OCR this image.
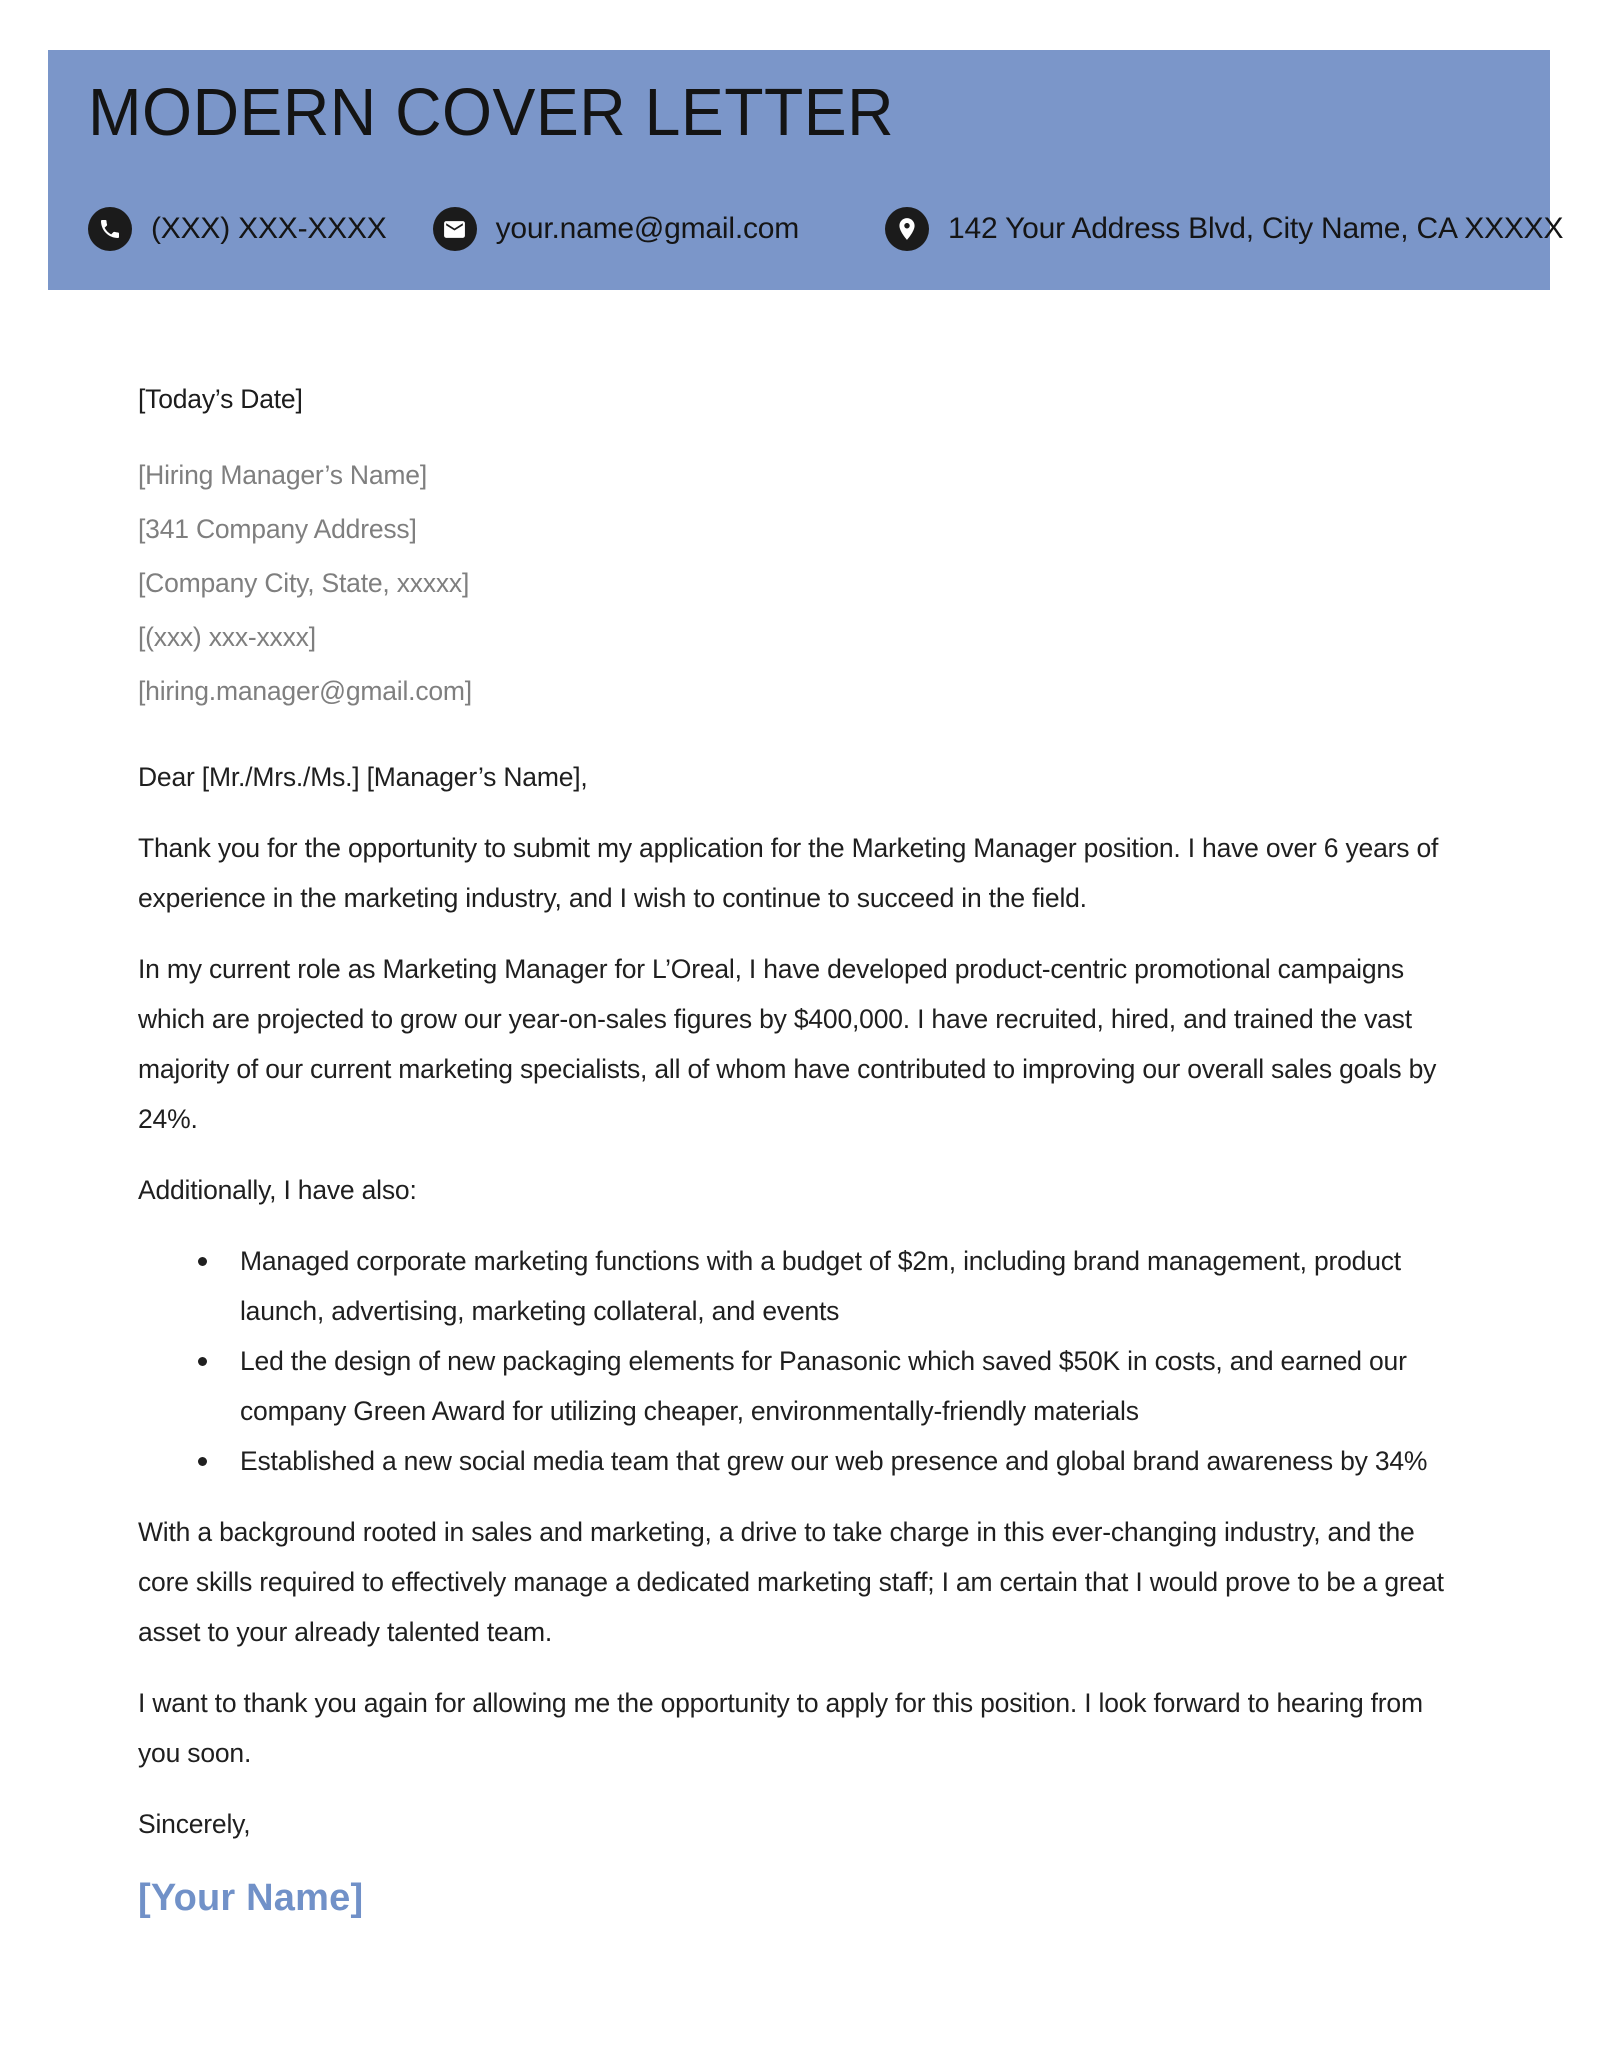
MODERN COVER LETTER
(XXX) XXX-XXXX	your.name@gmail.com	142 Your Address Blvd, City Name, CA XXXXX

[Today’s Date]

[Hiring Manager’s Name]

[341 Company Address]

[Company City, State, xxxxx]

[(xxx) xxx-xxxx]

[hiring.manager@gmail.com]

Dear [Mr./Mrs./Ms.] [Manager’s Name],

Thank you for the opportunity to submit my application for the Marketing Manager position. I have over 6 years of experience in the marketing industry, and I wish to continue to succeed in the field.

In my current role as Marketing Manager for L’Oreal, I have developed product-centric promotional campaigns which are projected to grow our year-on-sales figures by $400,000. I have recruited, hired, and trained the vast majority of our current marketing specialists, all of whom have contributed to improving our overall sales goals by 24%.

Additionally, I have also:

Managed corporate marketing functions with a budget of $2m, including brand management, product launch, advertising, marketing collateral, and events
Led the design of new packaging elements for Panasonic which saved $50K in costs, and earned our company Green Award for utilizing cheaper, environmentally-friendly materials
Established a new social media team that grew our web presence and global brand awareness by 34%

With a background rooted in sales and marketing, a drive to take charge in this ever-changing industry, and the core skills required to effectively manage a dedicated marketing staff; I am certain that I would prove to be a great asset to your already talented team.

I want to thank you again for allowing me the opportunity to apply for this position. I look forward to hearing from you soon.

Sincerely,

[Your Name]
